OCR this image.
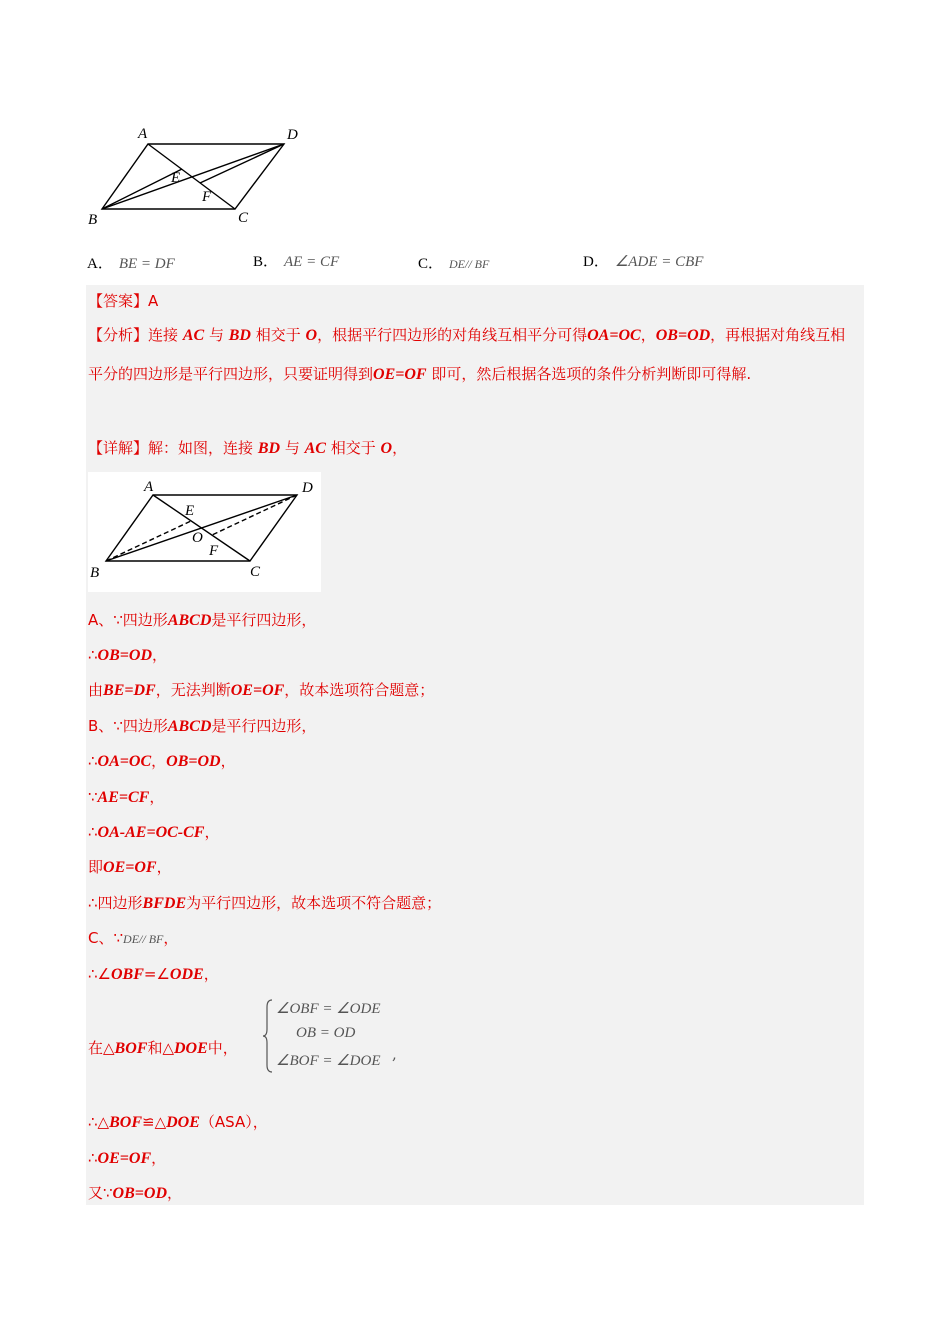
A	D
E
F
B	C
A． BE = DF	B． AE = CF	C． DE// BF	D． ∠ADE = CBF
【答案】A
【分析】连接 AC 与 BD 相交于 O，根据平行四边形的对角线互相平分可得OA=OC，OB=OD，再根据对角线互相平分的四边形是平行四边形，只要证明得到OE=OF 即可，然后根据各选项的条件分析判断即可得解.
【详解】解：如图，连接 BD 与 AC 相交于 O，
A	D
E
O
F
B	C
A、∵四边形ABCD是平行四边形，
∴OB=OD，
由BE=DF，无法判断OE=OF，故本选项符合题意；
B、∵四边形ABCD是平行四边形，
∴OA=OC，OB=OD，
∵AE=CF，
∴OA-AE=OC-CF，
即OE=OF，
∴四边形BFDE为平行四边形，故本选项不符合题意；
C、∵DE// BF，
∴∠OBF=∠ODE，
在△BOF和△DOE中，
∠OBF = ∠ODE
OB = OD
∠BOF = ∠DOE ,
∴△BOF≌△DOE（ASA），
∴OE=OF，
又∵OB=OD，
